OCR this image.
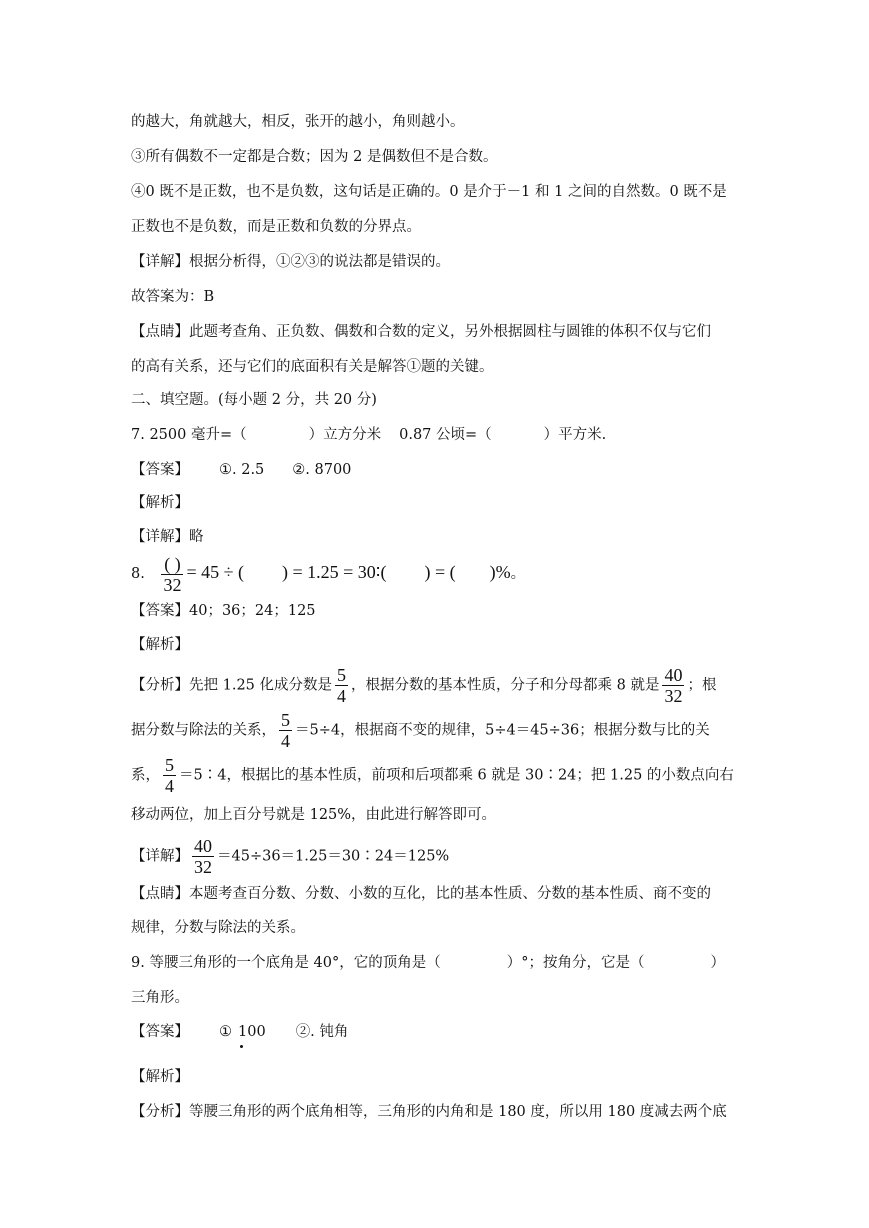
的越大，角就越大，相反，张开的越小，角则越小。
③所有偶数不一定都是合数；因为 2 是偶数但不是合数。
④0 既不是正数，也不是负数，这句话是正确的。0 是介于－1 和 1 之间的自然数。0 既不是
正数也不是负数，而是正数和负数的分界点。
【详解】根据分析得，①②③的说法都是错误的。
故答案为：B
【点睛】此题考查角、正负数、偶数和合数的定义，另外根据圆柱与圆锥的体积不仅与它们
的高有关系，还与它们的底面积有关是解答①题的关键。
二、填空题。(每小题 2 分，共 20 分)
7. 2500 毫升=（	）立方分米 0.87 公顷=（	）平方米.
【答案】 ①. 2.5 ②. 8700
【解析】
【详解】略
8. $\frac{( )}{32} = 45$ ÷ ( ) = 1.25 = 30∶( ) = ( )%。
【答案】40；36；24；125
【解析】
【分析】先把 1.25 化成分数是 $\frac{5}{4}$ ，根据分数的基本性质，分子和分母都乘 8 就是 $\frac{40}{32}$ ；根
据分数与除法的关系， $\frac{5}{4} =5\div 4$，根据商不变的规律，5÷4＝45÷36；根据分数与比的关
系， $\frac{5}{4}$ ＝5∶4，根据比的基本性质，前项和后项都乘 6 就是 30∶24；把 1.25 的小数点向右
移动两位，加上百分号就是 125%，由此进行解答即可。
【详解】 $\frac{40}{32}$ ＝45÷36＝1.25＝30∶24＝125%
【点睛】本题考查百分数、分数、小数的互化，比的基本性质、分数的基本性质、商不变的
规律，分数与除法的关系。
9. 等腰三角形的一个底角是 40°，它的顶角是（	）°；按角分，它是（	）
三角形。
【答案】 ① 100 ②. 钝角
【解析】
【分析】等腰三角形的两个底角相等，三角形的内角和是 180 度，所以用 180 度减去两个底
